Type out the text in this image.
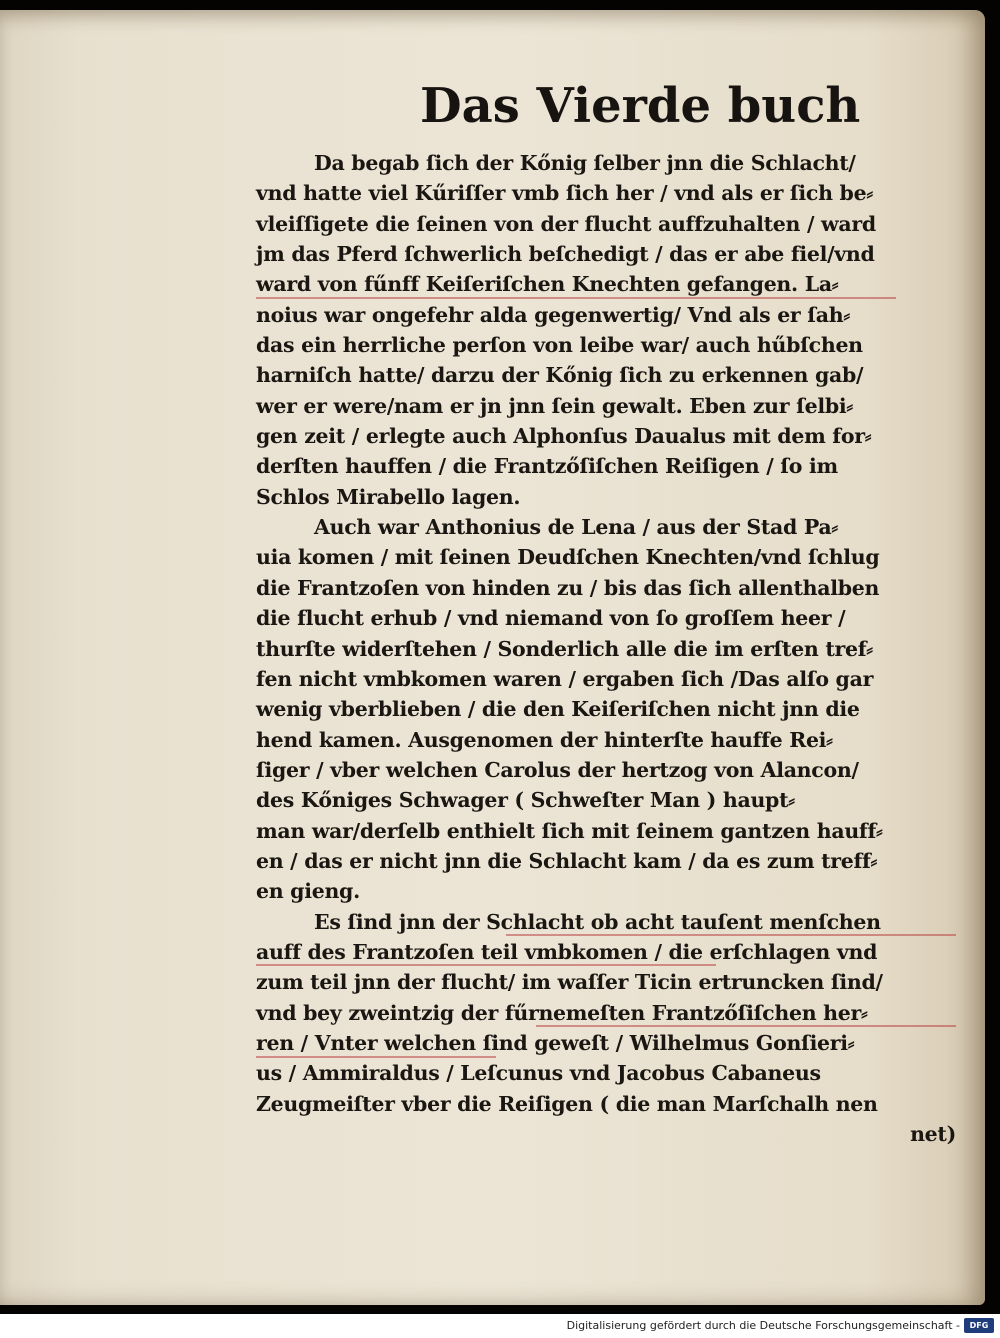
Das Vierde buch
Da begab ſich der Kőnig ſelber jnn die Schlacht/
vnd hatte viel Kűriſſer vmb ſich her / vnd als er ſich be⸗
vleiſſigete die ſeinen von der flucht auffzuhalten / ward
jm das Pferd ſchwerlich beſchedigt / das er abe fiel/vnd
ward von fűnff Keiſeriſchen Knechten gefangen. La⸗
noius war ongefehr alda gegenwertig/ Vnd als er ſah⸗
das ein herrliche perſon von leibe war/ auch hűbſchen
harniſch hatte/ darzu der Kőnig ſich zu erkennen gab/
wer er were/nam er jn jnn ſein gewalt. Eben zur ſelbi⸗
gen zeit / erlegte auch Alphonſus Daualus mit dem for⸗
derſten hauffen / die Frantzőſiſchen Reiſigen / ſo im
Schlos Mirabello lagen.
Auch war Anthonius de Lena / aus der Stad Pa⸗
uia komen / mit ſeinen Deudſchen Knechten/vnd ſchlug
die Frantzoſen von hinden zu / bis das ſich allenthalben
die flucht erhub / vnd niemand von ſo groſſem heer /
thurſte widerſtehen / Sonderlich alle die im erſten tref⸗
fen nicht vmbkomen waren / ergaben ſich /Das alſo gar
wenig vberblieben / die den Keiſeriſchen nicht jnn die
hend kamen. Ausgenomen der hinterſte hauffe Rei⸗
ſiger / vber welchen Carolus der hertzog von Alancon/
des Kőniges Schwager ( Schweſter Man ) haupt⸗
man war/derſelb enthielt ſich mit ſeinem gantzen hauff⸗
en / das er nicht jnn die Schlacht kam / da es zum treff⸗
en gieng.
Es ſind jnn der Schlacht ob acht tauſent menſchen
auff des Frantzoſen teil vmbkomen / die erſchlagen vnd
zum teil jnn der flucht/ im waſſer Ticin ertruncken ſind/
vnd bey zweintzig der fűrnemeſten Frantzőſiſchen her⸗
ren / Vnter welchen ſind geweſt / Wilhelmus Gonſieri⸗
us / Ammiraldus / Leſcunus vnd Jacobus Cabaneus
Zeugmeiſter vber die Reiſigen ( die man Marſchalh nen
net)
Digitalisierung gefördert durch die Deutsche Forschungsgemeinschaft -	DFG
